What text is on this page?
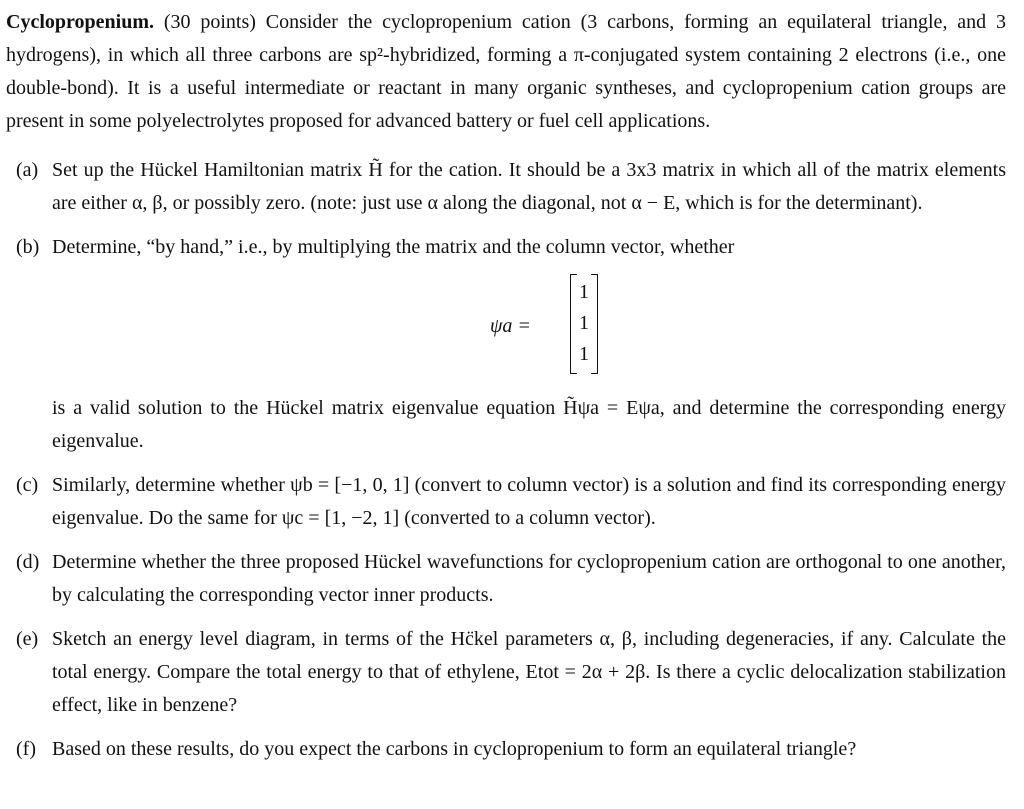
Cyclopropenium. (30 points) Consider the cyclopropenium cation (3 carbons, forming an equilateral triangle, and 3 hydrogens), in which all three carbons are sp²-hybridized, forming a π-conjugated system containing 2 electrons (i.e., one double-bond). It is a useful intermediate or reactant in many organic syntheses, and cyclopropenium cation groups are present in some polyelectrolytes proposed for advanced battery or fuel cell applications.

(a) Set up the Hückel Hamiltonian matrix H̃ for the cation. It should be a 3x3 matrix in which all of the matrix elements are either α, β, or possibly zero. (note: just use α along the diagonal, not α − E, which is for the determinant).
(b) Determine, “by hand,” i.e., by multiplying the matrix and the column vector, whether
ψa =
1
1
1
is a valid solution to the Hückel matrix eigenvalue equation H̃ψa = Eψa, and determine the corresponding energy eigenvalue.
(c) Similarly, determine whether ψb = [−1, 0, 1] (convert to column vector) is a solution and find its corresponding energy eigenvalue. Do the same for ψc = [1, −2, 1] (converted to a column vector).
(d) Determine whether the three proposed Hückel wavefunctions for cyclopropenium cation are orthogonal to one another, by calculating the corresponding vector inner products.
(e) Sketch an energy level diagram, in terms of the Hc̈kel parameters α, β, including degeneracies, if any. Calculate the total energy. Compare the total energy to that of ethylene, Etot = 2α + 2β. Is there a cyclic delocalization stabilization effect, like in benzene?
(f) Based on these results, do you expect the carbons in cyclopropenium to form an equilateral triangle?
